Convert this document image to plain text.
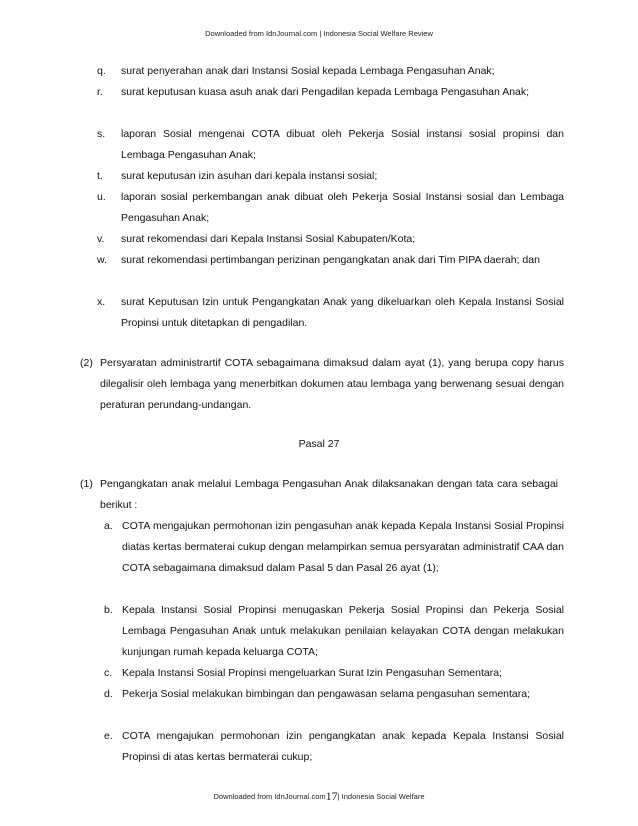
Downloaded from IdnJournal.com | Indonesia Social Welfare Review
q. surat penyerahan anak dari Instansi Sosial kepada Lembaga Pengasuhan Anak;
r. surat keputusan kuasa asuh anak dari Pengadilan kepada Lembaga Pengasuhan Anak;
s. laporan Sosial mengenai COTA dibuat oleh Pekerja Sosial instansi sosial propinsi dan Lembaga Pengasuhan Anak;
t. surat keputusan izin asuhan dari kepala instansi sosial;
u. laporan sosial perkembangan anak dibuat oleh Pekerja Sosial Instansi sosial dan Lembaga Pengasuhan Anak;
v. surat rekomendasi dari Kepala Instansi Sosial Kabupaten/Kota;
w. surat rekomendasi pertimbangan perizinan pengangkatan anak dari Tim PIPA daerah; dan
x. surat Keputusan Izin untuk Pengangkatan Anak yang dikeluarkan oleh Kepala Instansi Sosial Propinsi untuk ditetapkan di pengadilan.
(2) Persyaratan administrartif COTA sebagaimana dimaksud dalam ayat (1), yang berupa copy harus dilegalisir oleh lembaga yang menerbitkan dokumen atau lembaga yang berwenang sesuai dengan peraturan perundang-undangan.
Pasal 27
(1) Pengangkatan anak melalui Lembaga Pengasuhan Anak dilaksanakan dengan tata cara sebagai berikut :
a. COTA mengajukan permohonan izin pengasuhan anak kepada Kepala Instansi Sosial Propinsi diatas kertas bermaterai cukup dengan melampirkan semua persyaratan administratif CAA dan COTA sebagaimana dimaksud dalam Pasal 5 dan Pasal 26 ayat (1);
b. Kepala Instansi Sosial Propinsi menugaskan Pekerja Sosial Propinsi dan Pekerja Sosial Lembaga Pengasuhan Anak untuk melakukan penilaian kelayakan COTA dengan melakukan kunjungan rumah kepada keluarga COTA;
c. Kepala Instansi Sosial Propinsi mengeluarkan Surat Izin Pengasuhan Sementara;
d. Pekerja Sosial melakukan bimbingan dan pengawasan selama pengasuhan sementara;
e. COTA mengajukan permohonan izin pengangkatan anak kepada Kepala Instansi Sosial Propinsi di atas kertas bermaterai cukup;
Downloaded from IdnJournal.com17| Indonesia Social Welfare
